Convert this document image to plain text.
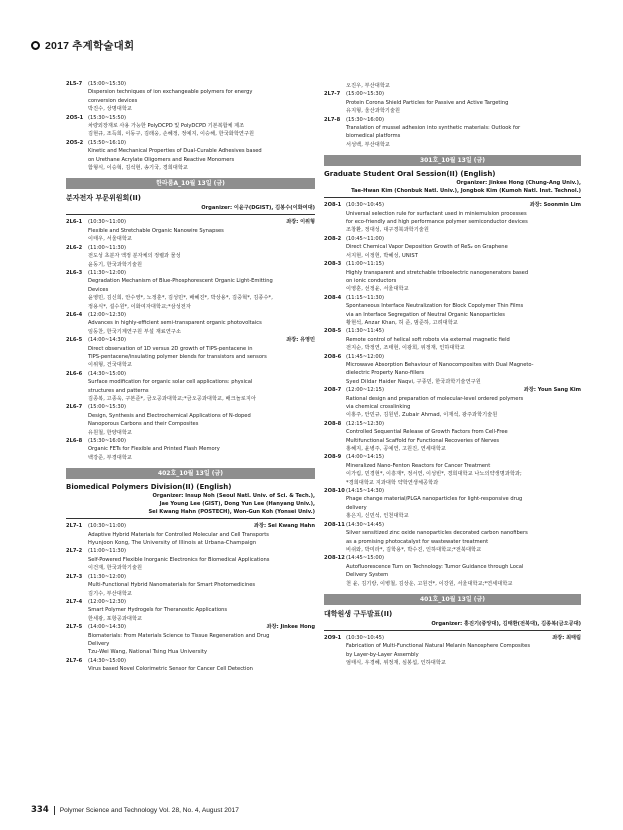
2017 추계학술대회
2L5-7	(15:00~15:30)
Dispersion techniques of ion exchangeable polymers for energy
conversion devices
박진수, 상명대학교
2O5-1 (15:30~15:50)
차량외장재로 사용 가능한 PolyDCPD 및 PolyDCPD 기본복합체 제조
김현규, 조득희, 이동구, 김래웅, 손혜정, 정예지, 이승해, 한국화학연구원
2O5-2 (15:50~16:10)
Kinetic and Mechanical Properties of Dual-Curable Adhesives based
on Urethane Acrylate Oligomers and Reactive Monomers
함형식, 이승혁, 김석현, 송기국, 경희대학교
한라룸A_10월 13일 (금)
분자전자 부문위원회(II)
Organizer: 이윤구(DGIST), 김봉수(이화여대)
2L6-1	(10:30~11:00)	좌장: 이위형
Flexible and Stretchable Organic Nanowire Synapses
이태우, 서울대학교
2L6-2	(11:00~11:30)
전도성 초분자 액정 분자체의 정렬과 물성
윤동기, 한국과학기술원
2L6-3	(11:30~12:00)
Degradation Mechanism of Blue-Phosphorescent Organic Light-Emitting
Devices
윤영민, 김신희, 안수영*, 노정훈*, 김성민*, 배혜진*, 박상용*, 김중혁*, 김종수*,
정용식*, 설수원*, 이화여자대학교;*삼성전자
2L6-4	(12:00~12:30)
Advances in highly-efficient semi-transparent organic photovoltaics
임동찬, 한국기계연구원 부설 재료연구소
2L6-5	(14:00~14:30)	좌장: 유영민
Direct observation of 1D versus 2D growth of TIPS-pentacene in
TIPS-pentacene/insulating polymer blends for transistors and sensors
이위형, 건국대학교
2L6-6	(14:30~15:00)
Surface modification for organic solar cell applications: physical
structures and patterns
김종복, 고종욱, 구본준*, 금오공과대학교;*금오공과대학교, 배크놀로지아
2L6-7	(15:00~15:30)
Design, Synthesis and Electrochemical Applications of N-doped
Nanoporous Carbons and their Composites
유원철, 한양대학교
2L6-8	(15:30~16:00)
Organic FETs for Flexible and Printed Flash Memory
백강준, 부경대학교
402호_10월 13일 (금)
Biomedical Polymers Division(II) (English)
Organizer: Insup Noh (Seoul Natl. Univ. of Sci. & Tech.),
Jae Young Lee (GIST), Dong Yun Lee (Hanyang Univ.),
Sei Kwang Hahn (POSTECH), Won-Gun Koh (Yonsei Univ.)
2L7-1	(10:30~11:00)	좌장: Sei Kwang Hahn
Adaptive Hybrid Materials for Controlled Molecular and Cell Transports
Hyunjoon Kong, The University of Illinois at Urbana-Champaign
2L7-2	(11:00~11:30)
Self-Powered Flexible Inorganic Electronics for Biomedical Applications
이건재, 한국과학기술원
2L7-3	(11:30~12:00)
Multi-Functional Hybrid Nanomaterials for Smart Photomedicines
김기수, 부산대학교
2L7-4	(12:00~12:30)
Smart Polymer Hydrogels for Theranostic Applications
한세광, 포항공과대학교
2L7-5	(14:00~14:30)	좌장: Jinkee Hong
Biomaterials: From Materials Science to Tissue Regeneration and Drug
Delivery
Tzu-Wei Wang, National Tsing Hua University
2L7-6	(14:30~15:00)
Virus based Novel Colorimetric Sensor for Cancer Cell Detection
오진우, 부산대학교
2L7-7	(15:00~15:30)
Protein Corona Shield Particles for Passive and Active Targeting
유지형, 울산과학기술원
2L7-8	(15:30~16:00)
Translation of mussel adhesion into synthetic materials: Outlook for
biomedical platforms
서성백, 부산대학교
301호_10월 13일 (금)
Graduate Student Oral Session(II) (English)
Organizer: Jinkee Hong (Chung-Ang Univ.),
Tae-Hwan Kim (Chonbuk Natl. Univ.), Jongbok Kim (Kumoh Natl. Inst. Technol.)
2O8-1 (10:30~10:45)	좌장: Soonmin Lim
Universal selection rule for surfactant used in miniemulsion processes
for eco-friendly and high performance polymer semiconductor devices
조창환, 정대성, 대구경북과학기술원
2O8-2 (10:45~11:00)
Direct Chemical Vapor Deposition Growth of ReS₂ on Graphene
서지현, 이정헌, 박혜성, UNIST
2O8-3 (11:00~11:15)
Highly transparent and stretchable triboelectric nanogenerators based
on ionic conductors
이영훈, 선정윤, 서울대학교
2O8-4 (11:15~11:30)
Spontaneous Interface Neutralization for Block Copolymer Thin Films
via an Interface Segregation of Neutral Organic Nanoparticles
황현석, Anzar Khan, 허 준, 범준하, 고려대학교
2O8-5 (11:30~11:45)
Remote control of helical soft robots via external magnetic field
전지순, 박정연, 조태현, 이광희, 위정재, 인하대학교
2O8-6 (11:45~12:00)
Microwave Absorption Behaviour of Nanocomposites with Dual Magneto-
dielectric Property Nano-fillers
Syed Dildar Haider Naqvi, 구종민, 한국과학기술연구원
2O8-7 (12:00~12:15)	좌장: Youn Sang Kim
Rational design and preparation of molecular-level ordered polymers
via chemical crosslinking
이홍주, 안민규, 김원빈, Zubair Ahmad, 이재석, 광주과학기술원
2O8-8 (12:15~12:30)
Controlled Sequential Release of Growth Factors from Cell-Free
Multifunctional Scaffold for Functional Recoveries of Nerves
홍혜지, 윤병주, 공예연, 고원진, 연세대학교
2O8-9 (14:00~14:15)
Mineralized Nano-Fenton Reactors for Cancer Treatment
이가림, 민경현*, 이흥재*, 정서연, 이성빈*, 경희대학교 나노의약생명과학과;
*경희대학교 지과대학 약학연생체공학과
2O8-10 (14:15~14:30)
Phage change material/PLGA nanoparticles for light-responsive drug
delivery
홍은지, 신민석, 인천대학교
2O8-11 (14:30~14:45)
Silver sensitized zinc oxide nanoparticles decorated carbon nanofibers
as a promising photocatalyst for wastewater treatment
비쉬와, 박미라*, 김학용*, 박수진, 인하대학교;*전북대학교
2O8-12 (14:45~15:00)
Autofluorescence Turn on Technology: Tumor Guidance through Local
Delivery System
천 윤, 김기랑, 이병철, 김상운, 고원건*, 이강원, 서울대학교;*연세대학교
401호_10월 13일 (금)
대학원생 구두발표(II)
Organizer: 홍진기(중앙대), 김태환(전북대), 김종복(금오공대)
2O9-1 (10:30~10:45)	좌장: 최태림
Fabrication of Multi-Functional Natural Melanin Nanosphere Composites
by Layer-by-Layer Assembly
엄태식, 우경혜, 위정재, 심봉섭, 인하대학교
334 Polymer Science and Technology Vol. 28, No. 4, August 2017
